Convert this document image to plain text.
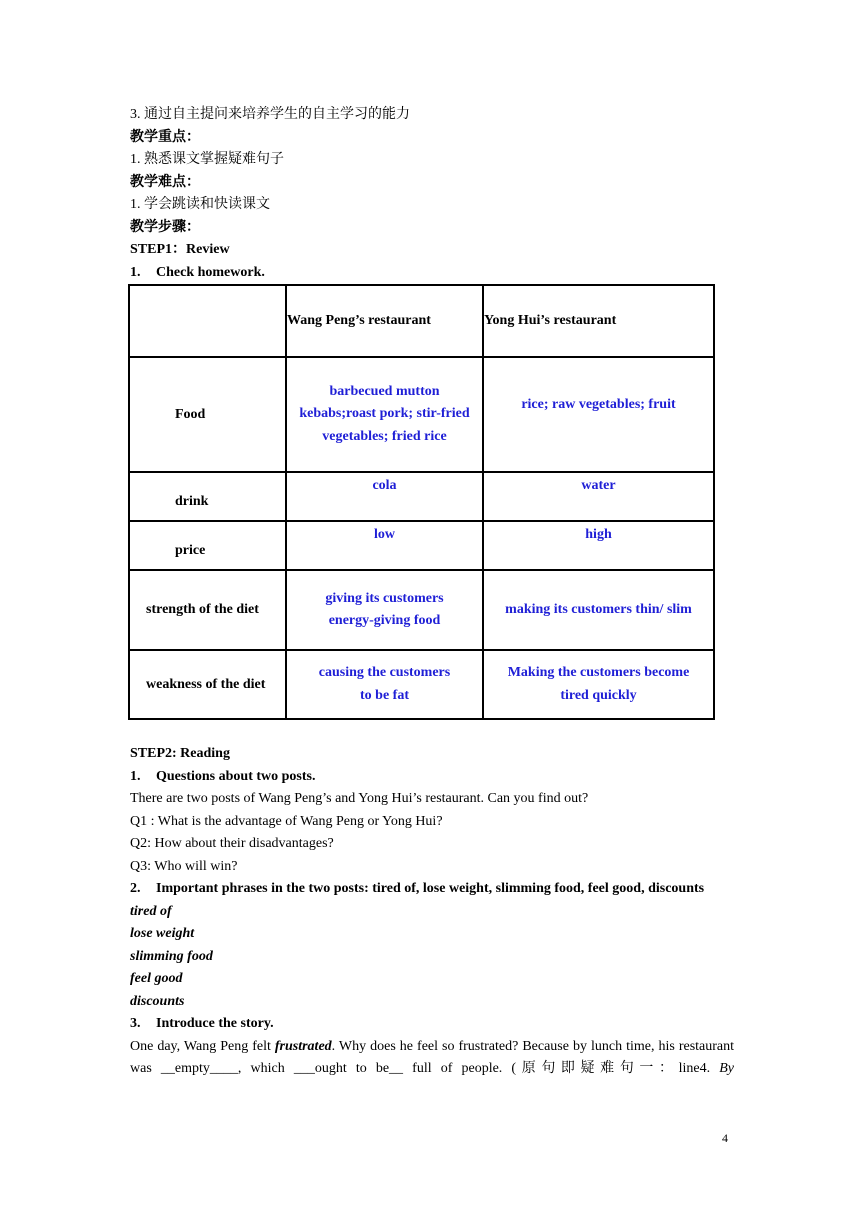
3. 通过自主提问来培养学生的自主学习的能力
教学重点：
1. 熟悉课文掌握疑难句子
教学难点：
1. 学会跳读和快读课文
教学步骤：
STEP1：Review
1. Check homework.
	Wang Peng’s restaurant	Yong Hui’s restaurant
Food	barbecued mutton kebabs;roast pork; stir-fried vegetables; fried rice	rice; raw vegetables; fruit
drink	cola	water
price	low	high
strength of the diet	giving its customers energy-giving food	making its customers thin/ slim
weakness of the diet	causing the customers to be fat	Making the customers become tired quickly
STEP2: Reading
1. Questions about two posts.
There are two posts of Wang Peng’s and Yong Hui’s restaurant. Can you find out?
Q1 : What is the advantage of Wang Peng or Yong Hui?
Q2: How about their disadvantages?
Q3: Who will win?
2.	Important phrases in the two posts: tired of, lose weight, slimming food, feel good, discounts
tired of
lose weight
slimming food
feel good
discounts
3. Introduce the story.
One day, Wang Peng felt frustrated. Why does he feel so frustrated? Because by lunch time, his restaurant was __empty____, which ___ought to be__ full of people. (原句即疑难句一：line4. By
4
